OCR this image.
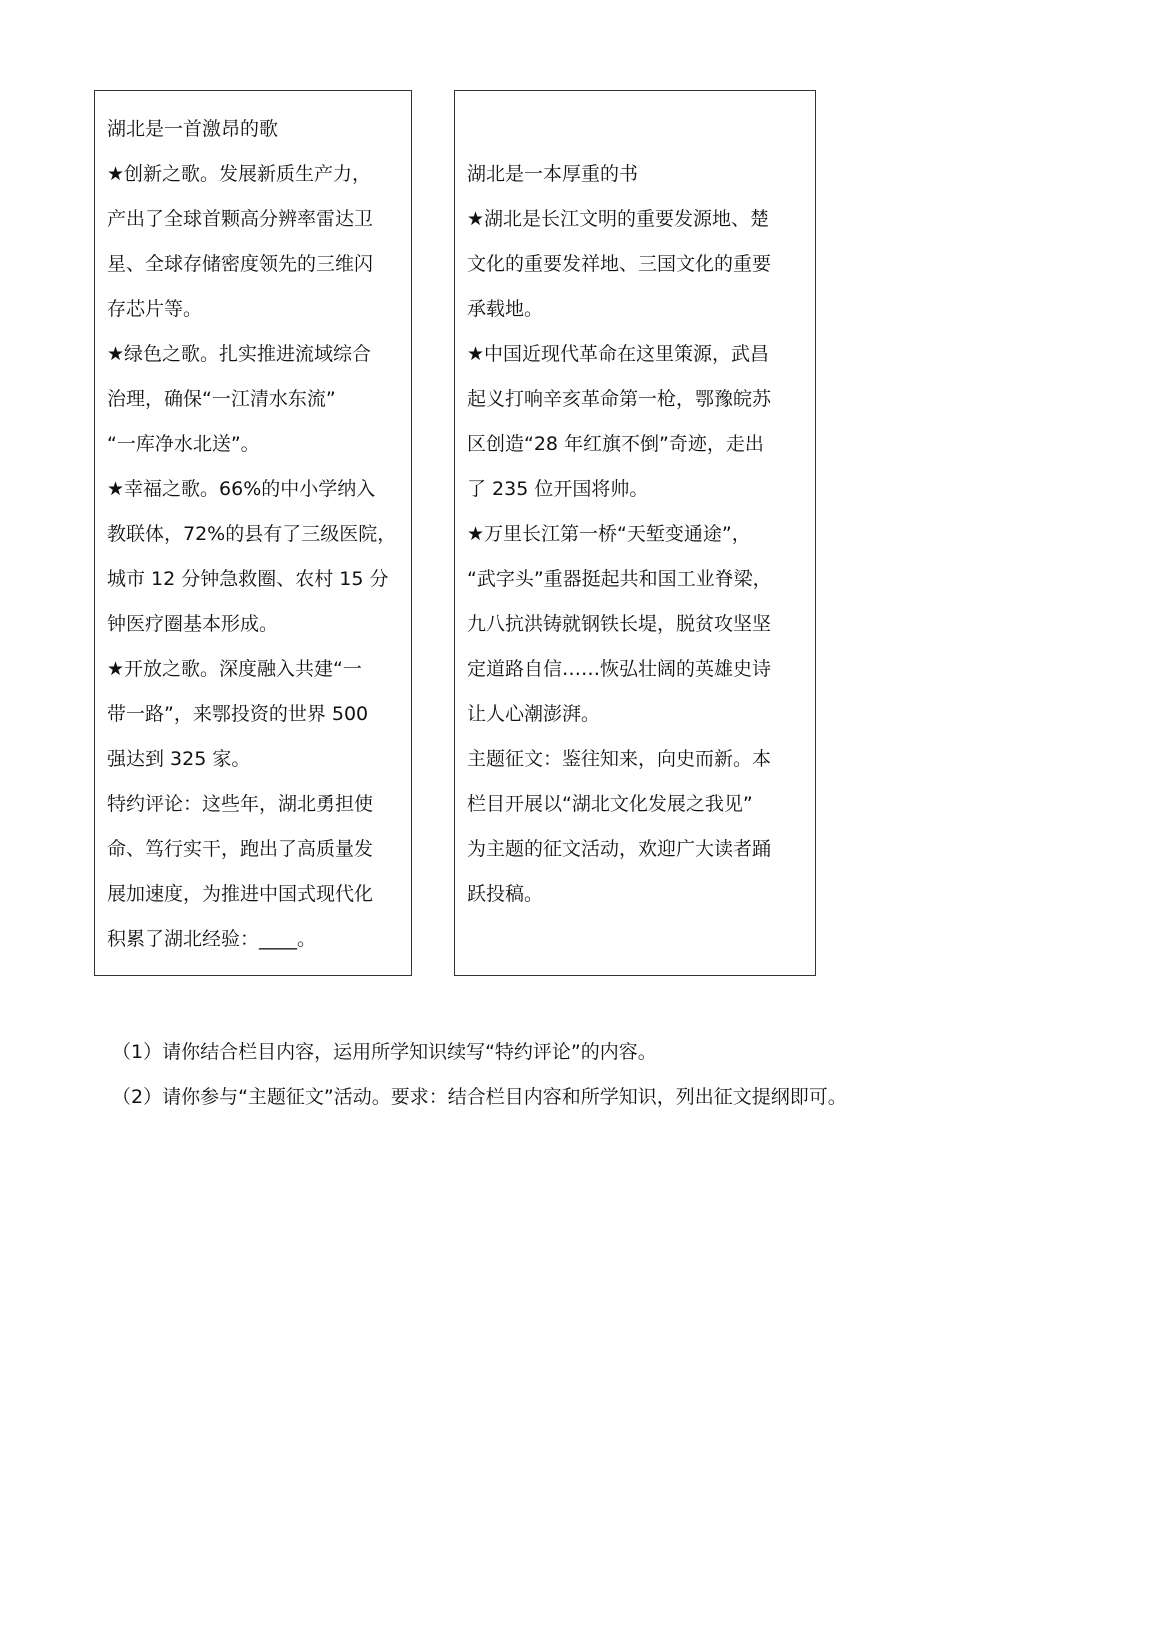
湖北是一首激昂的歌

★创新之歌。发展新质生产力，

产出了全球首颗高分辨率雷达卫

星、全球存储密度领先的三维闪

存芯片等。

★绿色之歌。扎实推进流域综合

治理，确保“一江清水东流”

“一库净水北送”。

★幸福之歌。66%的中小学纳入

教联体，72%的县有了三级医院，

城市 12 分钟急救圈、农村 15 分

钟医疗圈基本形成。

★开放之歌。深度融入共建“一

带一路”，来鄂投资的世界 500

强达到 325 家。

特约评论：这些年，湖北勇担使

命、笃行实干，跑出了高质量发

展加速度，为推进中国式现代化

积累了湖北经验：____。

湖北是一本厚重的书

★湖北是长江文明的重要发源地、楚

文化的重要发祥地、三国文化的重要

承载地。

★中国近现代革命在这里策源，武昌

起义打响辛亥革命第一枪，鄂豫皖苏

区创造“28 年红旗不倒”奇迹，走出

了 235 位开国将帅。

★万里长江第一桥“天堑变通途”，

“武字头”重器挺起共和国工业脊梁，

九八抗洪铸就钢铁长堤，脱贫攻坚坚

定道路自信……恢弘壮阔的英雄史诗

让人心潮澎湃。

主题征文：鉴往知来，向史而新。本

栏目开展以“湖北文化发展之我见”

为主题的征文活动，欢迎广大读者踊

跃投稿。

（1）请你结合栏目内容，运用所学知识续写“特约评论”的内容。

（2）请你参与“主题征文”活动。要求：结合栏目内容和所学知识，列出征文提纲即可。
